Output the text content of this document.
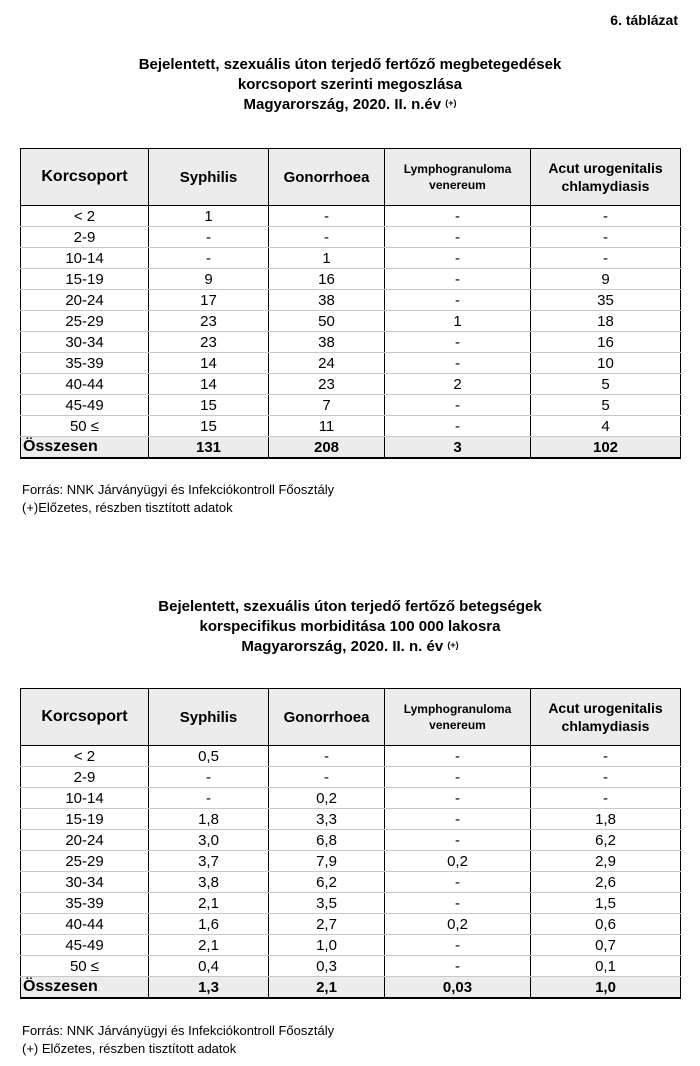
6. táblázat
Bejelentett, szexuális úton terjedő fertőző megbetegedések
korcsoport szerinti megoszlása
Magyarország, 2020. II. n.év (+)
Korcsoport	Syphilis	Gonorrhoea	Lymphogranuloma venereum	Acut urogenitalis chlamydiasis
< 2	1	-	-	-
2-9	-	-	-	-
10-14	-	1	-	-
15-19	9	16	-	9
20-24	17	38	-	35
25-29	23	50	1	18
30-34	23	38	-	16
35-39	14	24	-	10
40-44	14	23	2	5
45-49	15	7	-	5
50 ≤	15	11	-	4
Összesen	131	208	3	102
Forrás: NNK Járványügyi és Infekciókontroll Főosztály
(+)Előzetes, részben tisztított adatok
Bejelentett, szexuális úton terjedő fertőző betegségek
korspecifikus morbiditása 100 000 lakosra
Magyarország, 2020. II. n. év (+)
Korcsoport	Syphilis	Gonorrhoea	Lymphogranuloma venereum	Acut urogenitalis chlamydiasis
< 2	0,5	-	-	-
2-9	-	-	-	-
10-14	-	0,2	-	-
15-19	1,8	3,3	-	1,8
20-24	3,0	6,8	-	6,2
25-29	3,7	7,9	0,2	2,9
30-34	3,8	6,2	-	2,6
35-39	2,1	3,5	-	1,5
40-44	1,6	2,7	0,2	0,6
45-49	2,1	1,0	-	0,7
50 ≤	0,4	0,3	-	0,1
Összesen	1,3	2,1	0,03	1,0
Forrás: NNK Járványügyi és Infekciókontroll Főosztály
(+) Előzetes, részben tisztított adatok
